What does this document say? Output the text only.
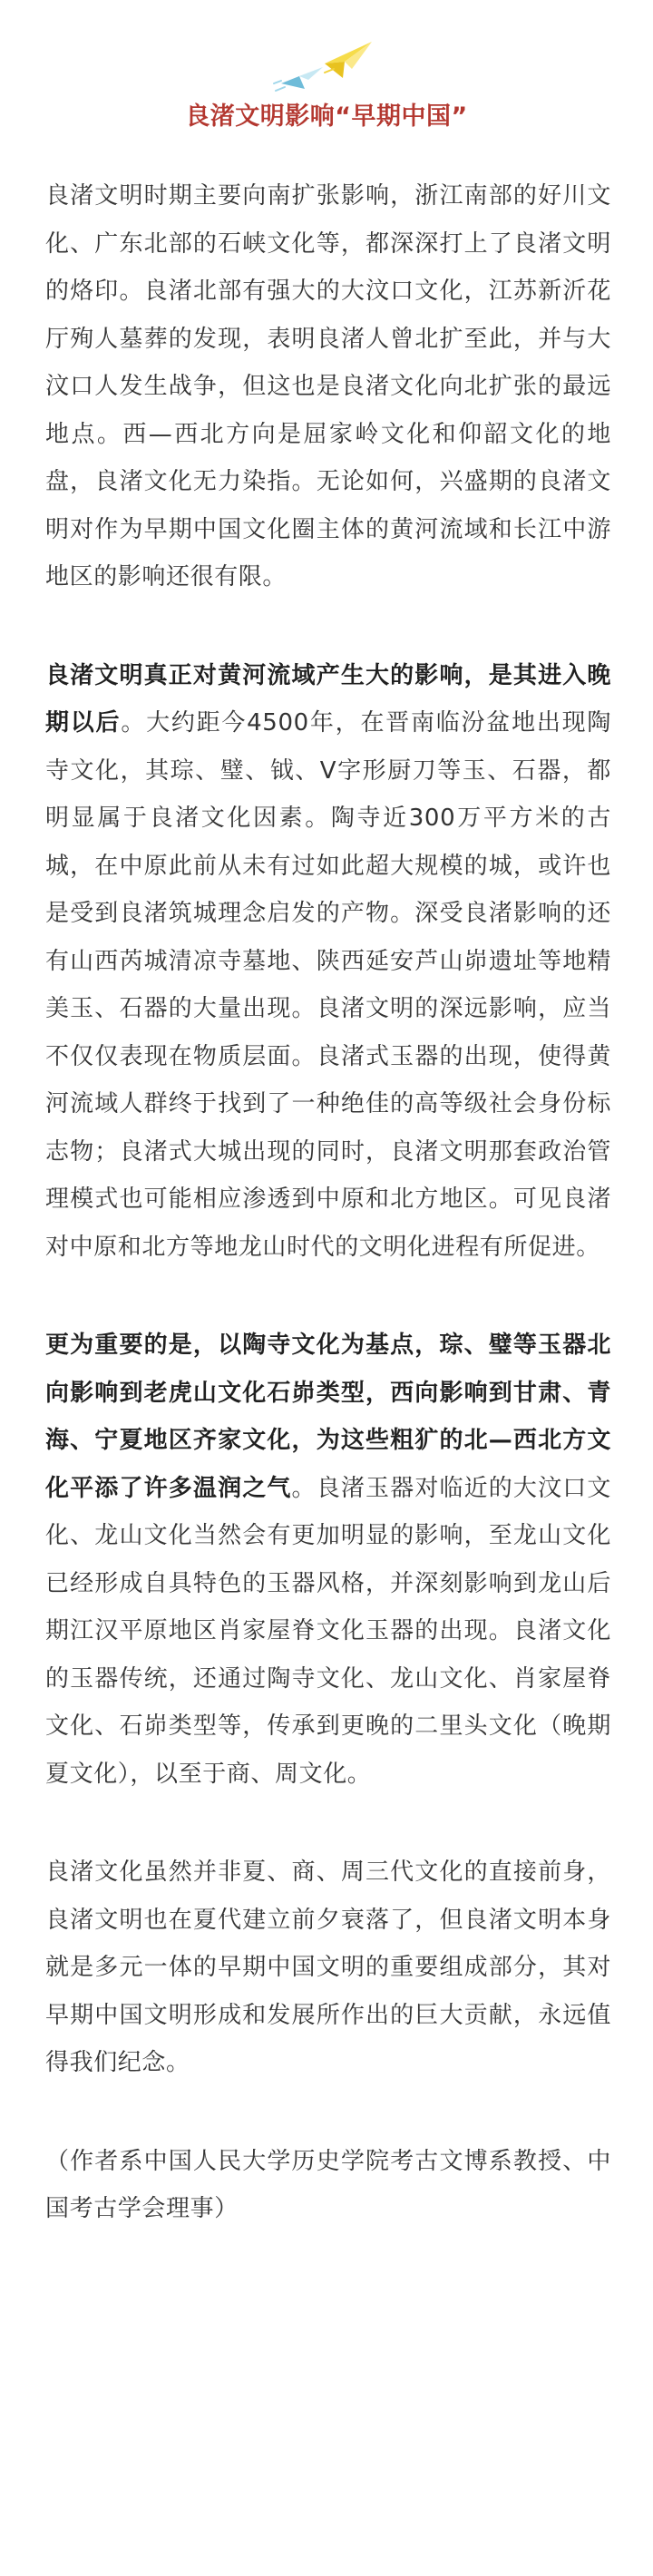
良渚文明影响“早期中国”

良渚文明时期主要向南扩张影响，浙江南部的好川文化、广东北部的石峡文化等，都深深打上了良渚文明的烙印。良渚北部有强大的大汶口文化，江苏新沂花厅殉人墓葬的发现，表明良渚人曾北扩至此，并与大汶口人发生战争，但这也是良渚文化向北扩张的最远地点。西—西北方向是屈家岭文化和仰韶文化的地盘，良渚文化无力染指。无论如何，兴盛期的良渚文明对作为早期中国文化圈主体的黄河流域和长江中游地区的影响还很有限。

良渚文明真正对黄河流域产生大的影响，是其进入晚期以后。大约距今4500年，在晋南临汾盆地出现陶寺文化，其琮、璧、钺、V字形厨刀等玉、石器，都明显属于良渚文化因素。陶寺近300万平方米的古城，在中原此前从未有过如此超大规模的城，或许也是受到良渚筑城理念启发的产物。深受良渚影响的还有山西芮城清凉寺墓地、陕西延安芦山峁遗址等地精美玉、石器的大量出现。良渚文明的深远影响，应当不仅仅表现在物质层面。良渚式玉器的出现，使得黄河流域人群终于找到了一种绝佳的高等级社会身份标志物；良渚式大城出现的同时，良渚文明那套政治管理模式也可能相应渗透到中原和北方地区。可见良渚对中原和北方等地龙山时代的文明化进程有所促进。

更为重要的是，以陶寺文化为基点，琮、璧等玉器北向影响到老虎山文化石峁类型，西向影响到甘肃、青海、宁夏地区齐家文化，为这些粗犷的北—西北方文化平添了许多温润之气。良渚玉器对临近的大汶口文化、龙山文化当然会有更加明显的影响，至龙山文化已经形成自具特色的玉器风格，并深刻影响到龙山后期江汉平原地区肖家屋脊文化玉器的出现。良渚文化的玉器传统，还通过陶寺文化、龙山文化、肖家屋脊文化、石峁类型等，传承到更晚的二里头文化（晚期夏文化），以至于商、周文化。

良渚文化虽然并非夏、商、周三代文化的直接前身，良渚文明也在夏代建立前夕衰落了，但良渚文明本身就是多元一体的早期中国文明的重要组成部分，其对早期中国文明形成和发展所作出的巨大贡献，永远值得我们纪念。

（作者系中国人民大学历史学院考古文博系教授、中国考古学会理事）
